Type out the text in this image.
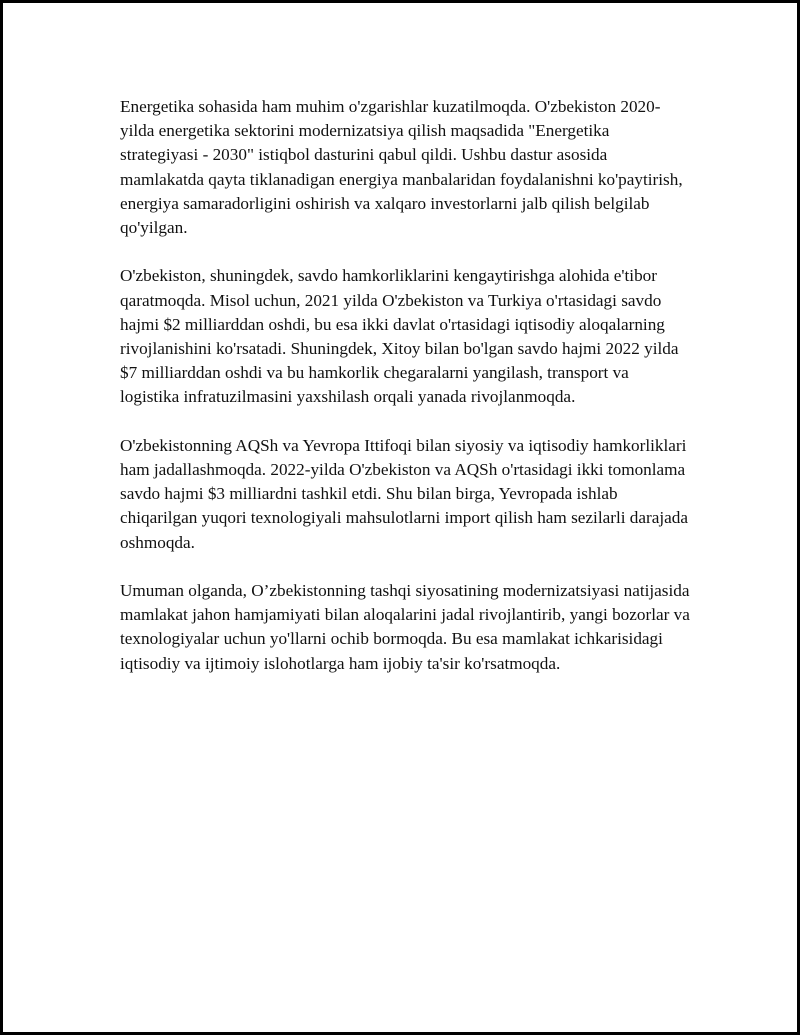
Energetika sohasida ham muhim o'zgarishlar kuzatilmoqda. O'zbekiston 2020-yilda energetika sektorini modernizatsiya qilish maqsadida "Energetika strategiyasi - 2030" istiqbol dasturini qabul qildi. Ushbu dastur asosida mamlakatda qayta tiklanadigan energiya manbalaridan foydalanishni ko'paytirish, energiya samaradorligini oshirish va xalqaro investorlarni jalb qilish belgilab qo'yilgan.

O'zbekiston, shuningdek, savdo hamkorliklarini kengaytirishga alohida e'tibor qaratmoqda. Misol uchun, 2021 yilda O'zbekiston va Turkiya o'rtasidagi savdo hajmi $2 milliarddan oshdi, bu esa ikki davlat o'rtasidagi iqtisodiy aloqalarning rivojlanishini ko'rsatadi. Shuningdek, Xitoy bilan bo'lgan savdo hajmi 2022 yilda $7 milliarddan oshdi va bu hamkorlik chegaralarni yangilash, transport va logistika infratuzilmasini yaxshilash orqali yanada rivojlanmoqda.

O'zbekistonning AQSh va Yevropa Ittifoqi bilan siyosiy va iqtisodiy hamkorliklari ham jadallashmoqda. 2022-yilda O'zbekiston va AQSh o'rtasidagi ikki tomonlama savdo hajmi $3 milliardni tashkil etdi. Shu bilan birga, Yevropada ishlab chiqarilgan yuqori texnologiyali mahsulotlarni import qilish ham sezilarli darajada oshmoqda.

Umuman olganda, O’zbekistonning tashqi siyosatining modernizatsiyasi natijasida mamlakat jahon hamjamiyati bilan aloqalarini jadal rivojlantirib, yangi bozorlar va texnologiyalar uchun yo'llarni ochib bormoqda. Bu esa mamlakat ichkarisidagi iqtisodiy va ijtimoiy islohotlarga ham ijobiy ta'sir ko'rsatmoqda.
